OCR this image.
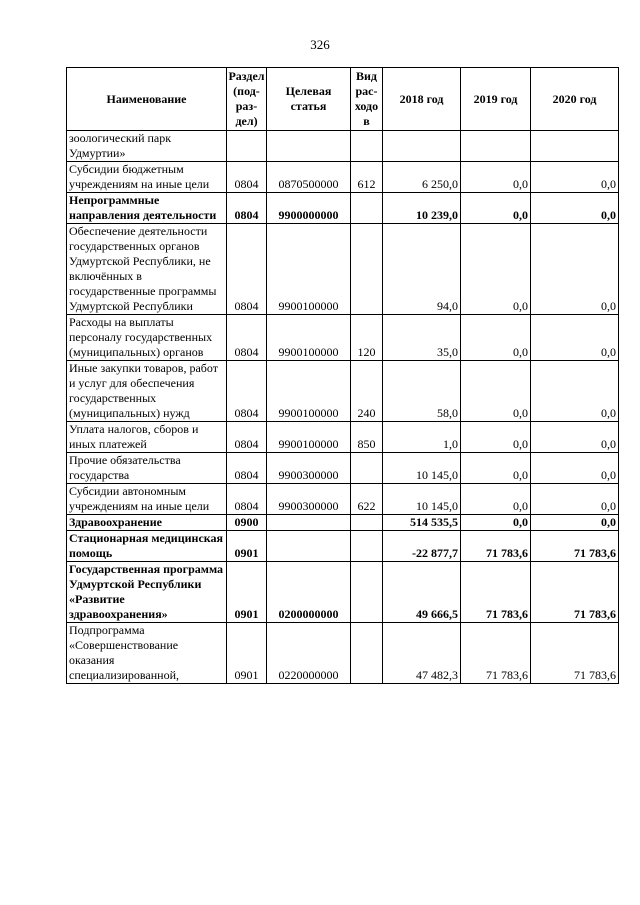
326
Наименование	Раздел (под-раз-дел)	Целевая статья	Вид рас-ходов	2018 год	2019 год	2020 год
зоологический парк Удмуртии»						
Субсидии бюджетным учреждениям на иные цели	0804	0870500000	612	6 250,0	0,0	0,0
Непрограммные направления деятельности	0804	9900000000		10 239,0	0,0	0,0
Обеспечение деятельности государственных органов Удмуртской Республики, не включённых в государственные программы Удмуртской Республики	0804	9900100000		94,0	0,0	0,0
Расходы на выплаты персоналу государственных (муниципальных) органов	0804	9900100000	120	35,0	0,0	0,0
Иные закупки товаров, работ и услуг для обеспечения государственных (муниципальных) нужд	0804	9900100000	240	58,0	0,0	0,0
Уплата налогов, сборов и иных платежей	0804	9900100000	850	1,0	0,0	0,0
Прочие обязательства государства	0804	9900300000		10 145,0	0,0	0,0
Субсидии автономным учреждениям на иные цели	0804	9900300000	622	10 145,0	0,0	0,0
Здравоохранение	0900			514 535,5	0,0	0,0
Стационарная медицинская помощь	0901			-22 877,7	71 783,6	71 783,6
Государственная программа Удмуртской Республики «Развитие здравоохранения»	0901	0200000000		49 666,5	71 783,6	71 783,6
Подпрограмма «Совершенствование оказания специализированной,	0901	0220000000		47 482,3	71 783,6	71 783,6
